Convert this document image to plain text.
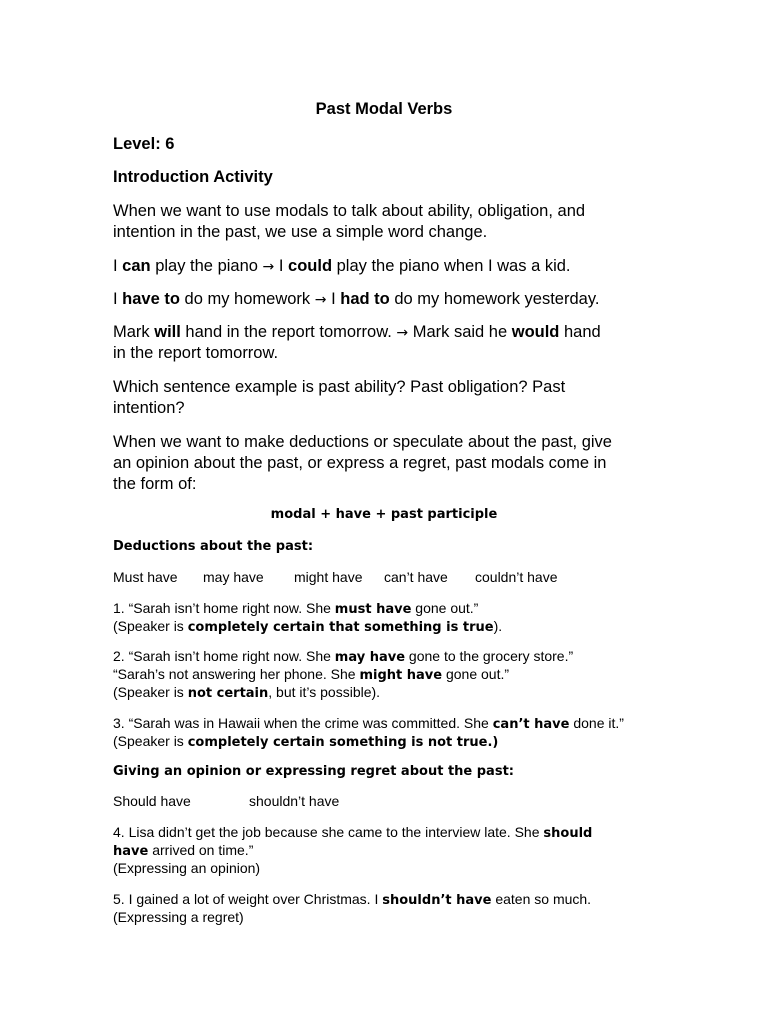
Past Modal Verbs

Level: 6

Introduction Activity

When we want to use modals to talk about ability, obligation, and

intention in the past, we use a simple word change.

I can play the piano → I could play the piano when I was a kid.

I have to do my homework → I had to do my homework yesterday.

Mark will hand in the report tomorrow. → Mark said he would hand

in the report tomorrow.

Which sentence example is past ability? Past obligation? Past

intention?

When we want to make deductions or speculate about the past, give

an opinion about the past, or express a regret, past modals come in

the form of:

modal + have + past participle

Deductions about the past:

Must have may have might have can’t have couldn’t have

1. “Sarah isn’t home right now. She must have gone out.”

(Speaker is completely certain that something is true).

2. “Sarah isn’t home right now. She may have gone to the grocery store.”

“Sarah’s not answering her phone. She might have gone out.”

(Speaker is not certain, but it’s possible).

3. “Sarah was in Hawaii when the crime was committed. She can’t have done it.”

(Speaker is completely certain something is not true.)

Giving an opinion or expressing regret about the past:

Should have	shouldn’t have

4. Lisa didn’t get the job because she came to the interview late. She should

have arrived on time.”

(Expressing an opinion)

5. I gained a lot of weight over Christmas. I shouldn’t have eaten so much.

(Expressing a regret)
